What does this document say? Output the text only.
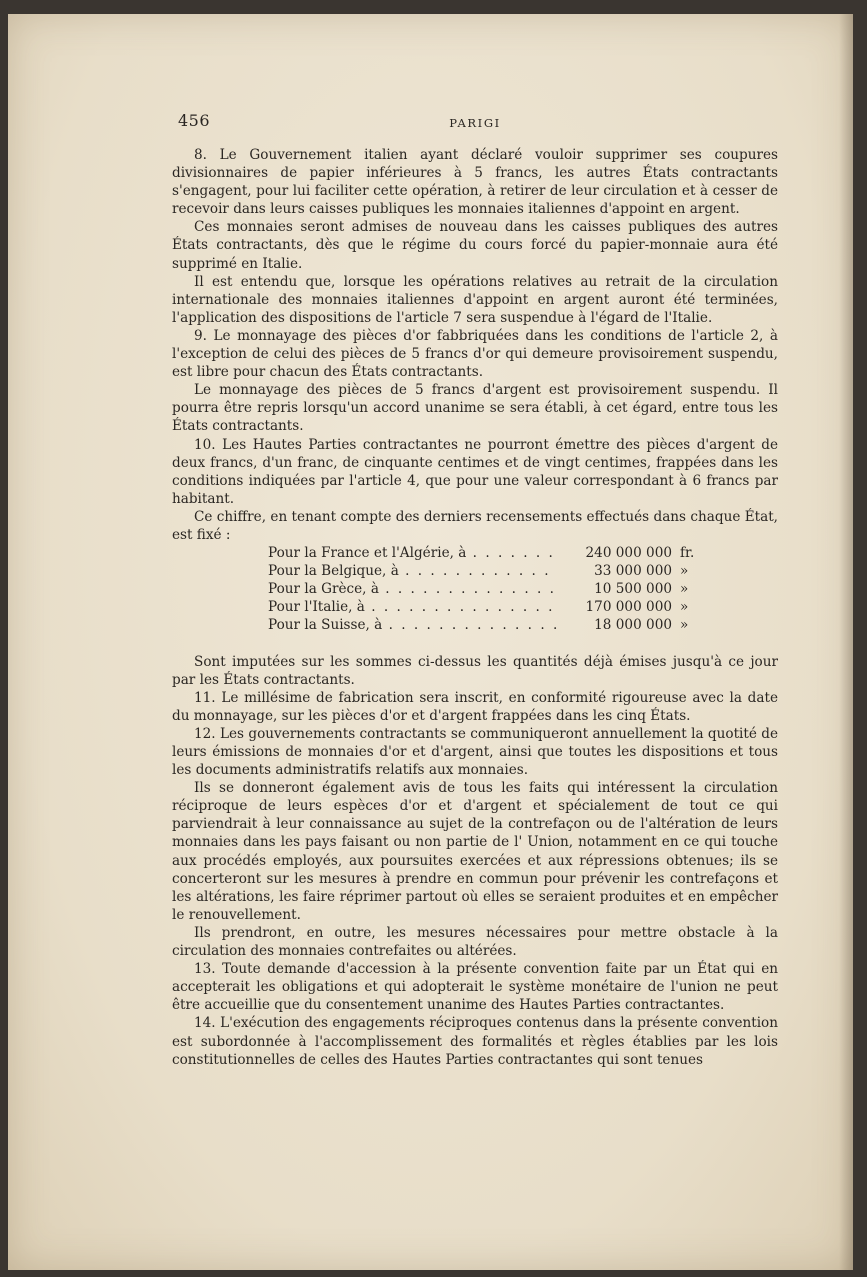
456	PARIGI

8. Le Gouvernement italien ayant déclaré vouloir supprimer ses coupures divisionnaires de papier inférieures à 5 francs, les autres États contractants s'engagent, pour lui faciliter cette opération, à retirer de leur circulation et à cesser de recevoir dans leurs caisses publiques les monnaies italiennes d'appoint en argent.

Ces monnaies seront admises de nouveau dans les caisses publiques des autres États contractants, dès que le régime du cours forcé du papier-monnaie aura été supprimé en Italie.

Il est entendu que, lorsque les opérations relatives au retrait de la circulation internationale des monnaies italiennes d'appoint en argent auront été terminées, l'application des dispositions de l'article 7 sera suspendue à l'égard de l'Italie.

9. Le monnayage des pièces d'or fabbriquées dans les conditions de l'article 2, à l'exception de celui des pièces de 5 francs d'or qui demeure provisoirement suspendu, est libre pour chacun des États contractants.

Le monnayage des pièces de 5 francs d'argent est provisoirement suspendu. Il pourra être repris lorsqu'un accord unanime se sera établi, à cet égard, entre tous les États contractants.

10. Les Hautes Parties contractantes ne pourront émettre des pièces d'argent de deux francs, d'un franc, de cinquante centimes et de vingt centimes, frappées dans les conditions indiquées par l'article 4, que pour une valeur correspondant à 6 francs par habitant.

Ce chiffre, en tenant compte des derniers recensements effectués dans chaque État, est fixé :

Pour la France et l'Algérie, à . . .	240 000 000 fr.
Pour la Belgique, à . . .	33 000 000 »
Pour la Grèce, à . . .	10 500 000 »
Pour l'Italie, à . . .	170 000 000 »
Pour la Suisse, à . . .	18 000 000 »

Sont imputées sur les sommes ci-dessus les quantités déjà émises jusqu'à ce jour par les États contractants.

11. Le millésime de fabrication sera inscrit, en conformité rigoureuse avec la date du monnayage, sur les pièces d'or et d'argent frappées dans les cinq États.

12. Les gouvernements contractants se communiqueront annuellement la quotité de leurs émissions de monnaies d'or et d'argent, ainsi que toutes les dispositions et tous les documents administratifs relatifs aux monnaies.

Ils se donneront également avis de tous les faits qui intéressent la circulation réciproque de leurs espèces d'or et d'argent et spécialement de tout ce qui parviendrait à leur connaissance au sujet de la contrefaçon ou de l'altération de leurs monnaies dans les pays faisant ou non partie de l' Union, notamment en ce qui touche aux procédés employés, aux poursuites exercées et aux répressions obtenues; ils se concerteront sur les mesures à prendre en commun pour prévenir les contrefaçons et les altérations, les faire réprimer partout où elles se seraient produites et en empêcher le renouvellement.

Ils prendront, en outre, les mesures nécessaires pour mettre obstacle à la circulation des monnaies contrefaites ou altérées.

13. Toute demande d'accession à la présente convention faite par un État qui en accepterait les obligations et qui adopterait le système monétaire de l'union ne peut être accueillie que du consentement unanime des Hautes Parties contractantes.

14. L'exécution des engagements réciproques contenus dans la présente convention est subordonnée à l'accomplissement des formalités et règles établies par les lois constitutionnelles de celles des Hautes Parties contractantes qui sont tenues
